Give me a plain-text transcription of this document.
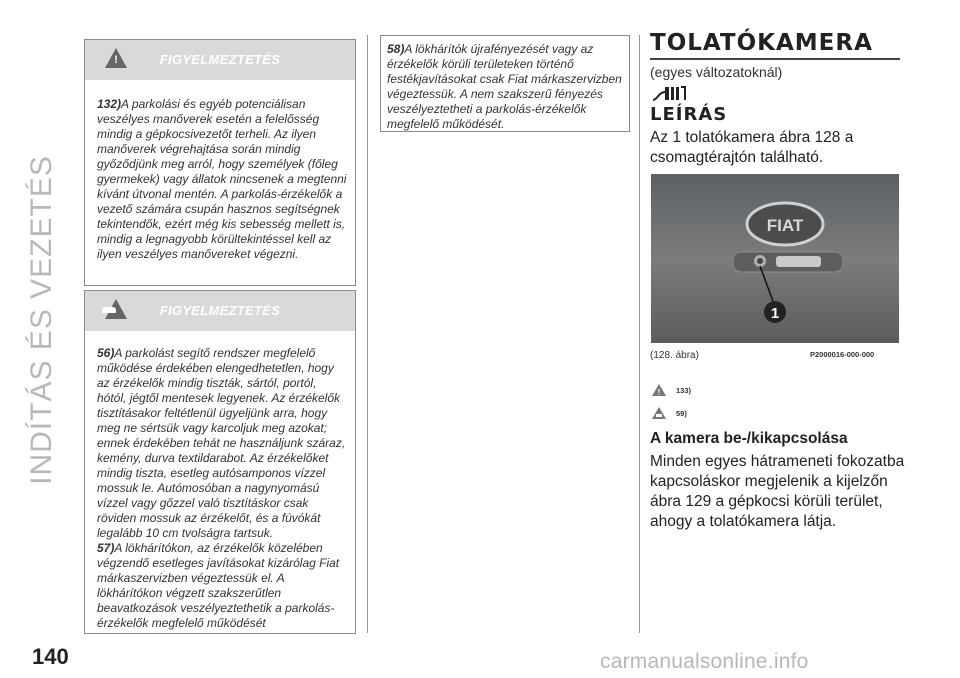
INDÍTÁS ÉS VEZETÉS
140	carmanualsonline.info
!	FIGYELMEZTETÉS
132)A parkolási és egyéb potenciálisan veszélyes manőverek esetén a felelősség mindig a gépkocsivezetőt terheli. Az ilyen manőverek végrehajtása során mindig győződjünk meg arról, hogy személyek (főleg gyermekek) vagy állatok nincsenek a megtenni kívánt útvonal mentén. A parkolás-érzékelők a vezető számára csupán hasznos segítségnek tekintendők, ezért még kis sebesség mellett is, mindig a legnagyobb körültekintéssel kell az ilyen veszélyes manővereket végezni.
FIGYELMEZTETÉS
56)A parkolást segítő rendszer megfelelő működése érdekében elengedhetetlen, hogy az érzékelők mindig tiszták, sártól, portól, hótól, jégtől mentesek legyenek. Az érzékelők tisztításakor feltétlenül ügyeljünk arra, hogy meg ne sértsük vagy karcoljuk meg azokat; ennek érdekében tehát ne használjunk száraz, kemény, durva textildarabot. Az érzékelőket mindig tiszta, esetleg autósamponos vízzel mossuk le. Autómosóban a nagynyomású vízzel vagy gőzzel való tisztításkor csak röviden mossuk az érzékelőt, és a fúvókát legalább 10 cm tvolságra tartsuk.
57)A lökhárítókon, az érzékelők közelében végzendő esetleges javításokat kizárólag Fiat márkaszervizben végeztessük el. A lökhárítókon végzett szakszerűtlen beavatkozások veszélyeztethetik a parkolás-érzékelők megfelelő működését
58)A lökhárítók újrafényezését vagy az érzékelők körüli területeken történő festékjavításokat csak Fiat márkaszervizben végeztessük. A nem szakszerű fényezés veszélyeztetheti a parkolás-érzékelők megfelelő működését.
TOLATÓKAMERA
(egyes változatoknál)
LEÍRÁS
Az 1 tolatókamera ábra 128 a csomagtérajtón található.
FIAT
1
(128. ábra)	P2000016-000-000
! 133)
59)
A kamera be-/kikapcsolása
Minden egyes hátrameneti fokozatba kapcsoláskor megjelenik a kijelzőn ábra 129 a gépkocsi körüli terület, ahogy a tolatókamera látja.
